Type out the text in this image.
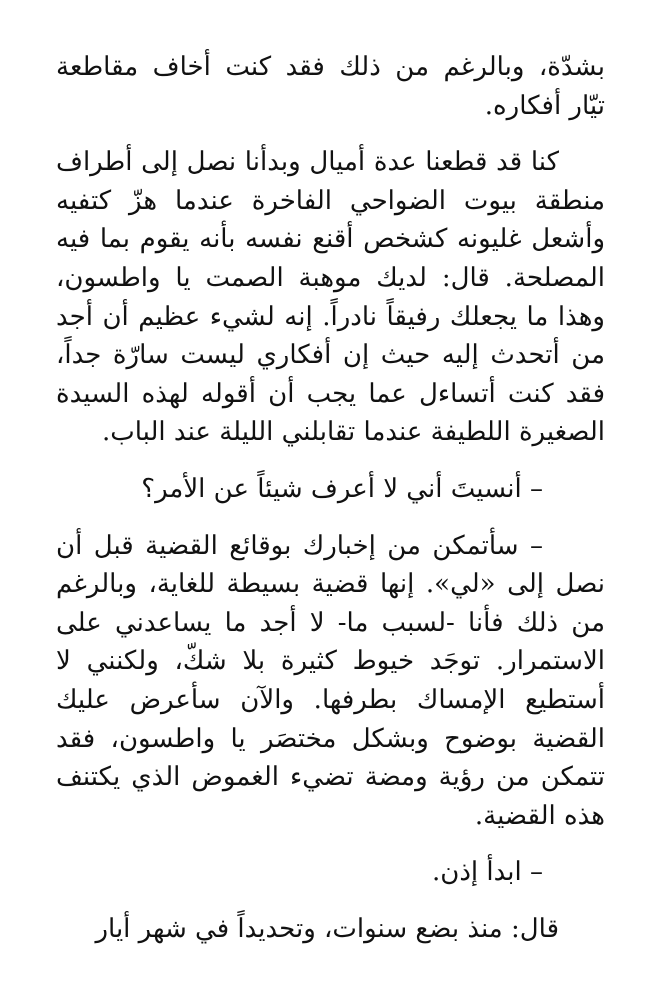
بشدّة، وبالرغم من ذلك فقد كنت أخاف مقاطعة تيّار أفكاره.

كنا قد قطعنا عدة أميال وبدأنا نصل إلى أطراف منطقة بيوت الضواحي الفاخرة عندما هزّ كتفيه وأشعل غليونه كشخص أقنع نفسه بأنه يقوم بما فيه المصلحة. قال: لديك موهبة الصمت يا واطسون، وهذا ما يجعلك رفيقاً نادراً. إنه لشيء عظيم أن أجد من أتحدث إليه حيث إن أفكاري ليست سارّة جداً، فقد كنت أتساءل عما يجب أن أقوله لهذه السيدة الصغيرة اللطيفة عندما تقابلني الليلة عند الباب.

– أنسيتَ أني لا أعرف شيئاً عن الأمر؟

– سأتمكن من إخبارك بوقائع القضية قبل أن نصل إلى «لي». إنها قضية بسيطة للغاية، وبالرغم من ذلك فأنا -لسبب ما- لا أجد ما يساعدني على الاستمرار. توجَد خيوط كثيرة بلا شكّ، ولكنني لا أستطيع الإمساك بطرفها. والآن سأعرض عليك القضية بوضوح وبشكل مختصَر يا واطسون، فقد تتمكن من رؤية ومضة تضيء الغموض الذي يكتنف هذه القضية.

– ابدأ إذن.

قال: منذ بضع سنوات، وتحديداً في شهر أيار
